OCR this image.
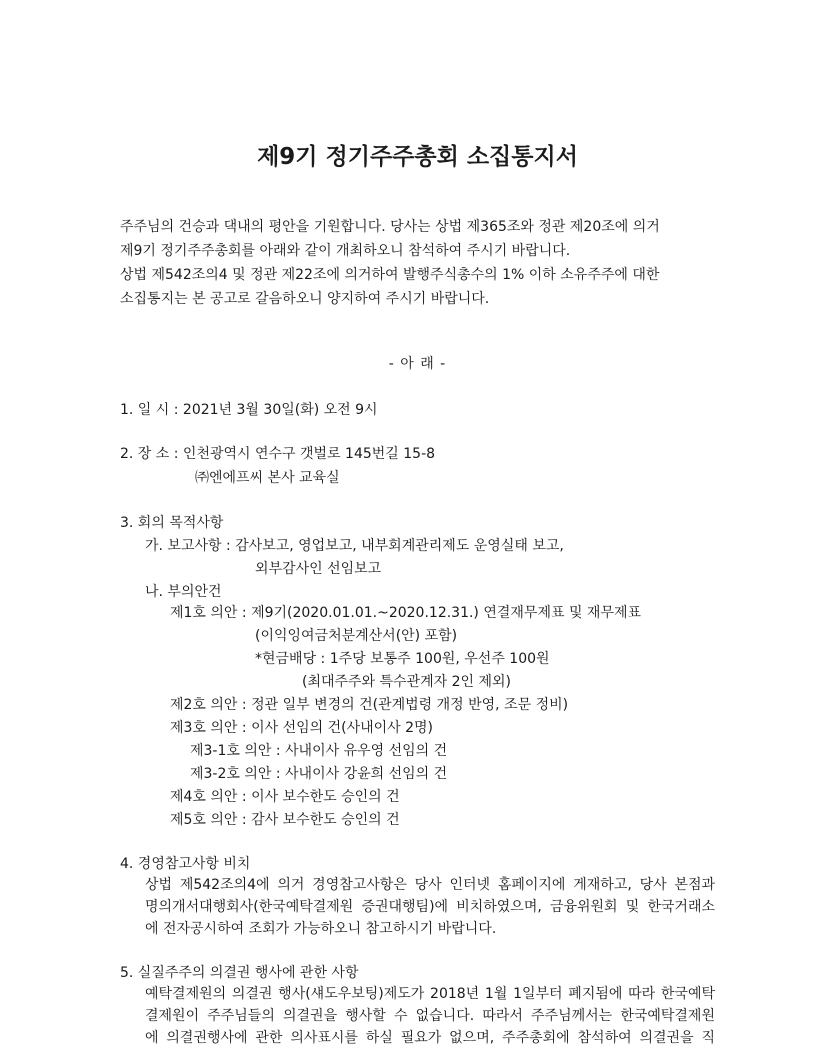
제9기 정기주주총회 소집통지서
주주님의 건승과 댁내의 평안을 기원합니다. 당사는 상법 제365조와 정관 제20조에 의거
제9기 정기주주총회를 아래와 같이 개최하오니 참석하여 주시기 바랍니다.
상법 제542조의4 및 정관 제22조에 의거하여 발행주식총수의 1% 이하 소유주주에 대한
소집통지는 본 공고로 갈음하오니 양지하여 주시기 바랍니다.
- 아 래 -
1. 일 시 : 2021년 3월 30일(화) 오전 9시
2. 장 소 : 인천광역시 연수구 갯벌로 145번길 15-8
㈜엔에프씨 본사 교육실
3. 회의 목적사항
가. 보고사항 : 감사보고, 영업보고, 내부회계관리제도 운영실태 보고,
외부감사인 선임보고
나. 부의안건
제1호 의안 : 제9기(2020.01.01.~2020.12.31.) 연결재무제표 및 재무제표
(이익잉여금처분계산서(안) 포함)
*현금배당 : 1주당 보통주 100원, 우선주 100원
(최대주주와 특수관계자 2인 제외)
제2호 의안 : 정관 일부 변경의 건(관계법령 개정 반영, 조문 정비)
제3호 의안 : 이사 선임의 건(사내이사 2명)
제3-1호 의안 : 사내이사 유우영 선임의 건
제3-2호 의안 : 사내이사 강윤희 선임의 건
제4호 의안 : 이사 보수한도 승인의 건
제5호 의안 : 감사 보수한도 승인의 건
4. 경영참고사항 비치
상법 제542조의4에 의거 경영참고사항은 당사 인터넷 홈페이지에 게재하고, 당사 본점과
명의개서대행회사(한국예탁결제원 증권대행팀)에 비치하였으며, 금융위원회 및 한국거래소
에 전자공시하여 조회가 가능하오니 참고하시기 바랍니다.
5. 실질주주의 의결권 행사에 관한 사항
예탁결제원의 의결권 행사(섀도우보팅)제도가 2018년 1월 1일부터 폐지됨에 따라 한국예탁
결제원이 주주님들의 의결권을 행사할 수 없습니다. 따라서 주주님께서는 한국예탁결제원
에 의결권행사에 관한 의사표시를 하실 필요가 없으며, 주주총회에 참석하여 의결권을 직
